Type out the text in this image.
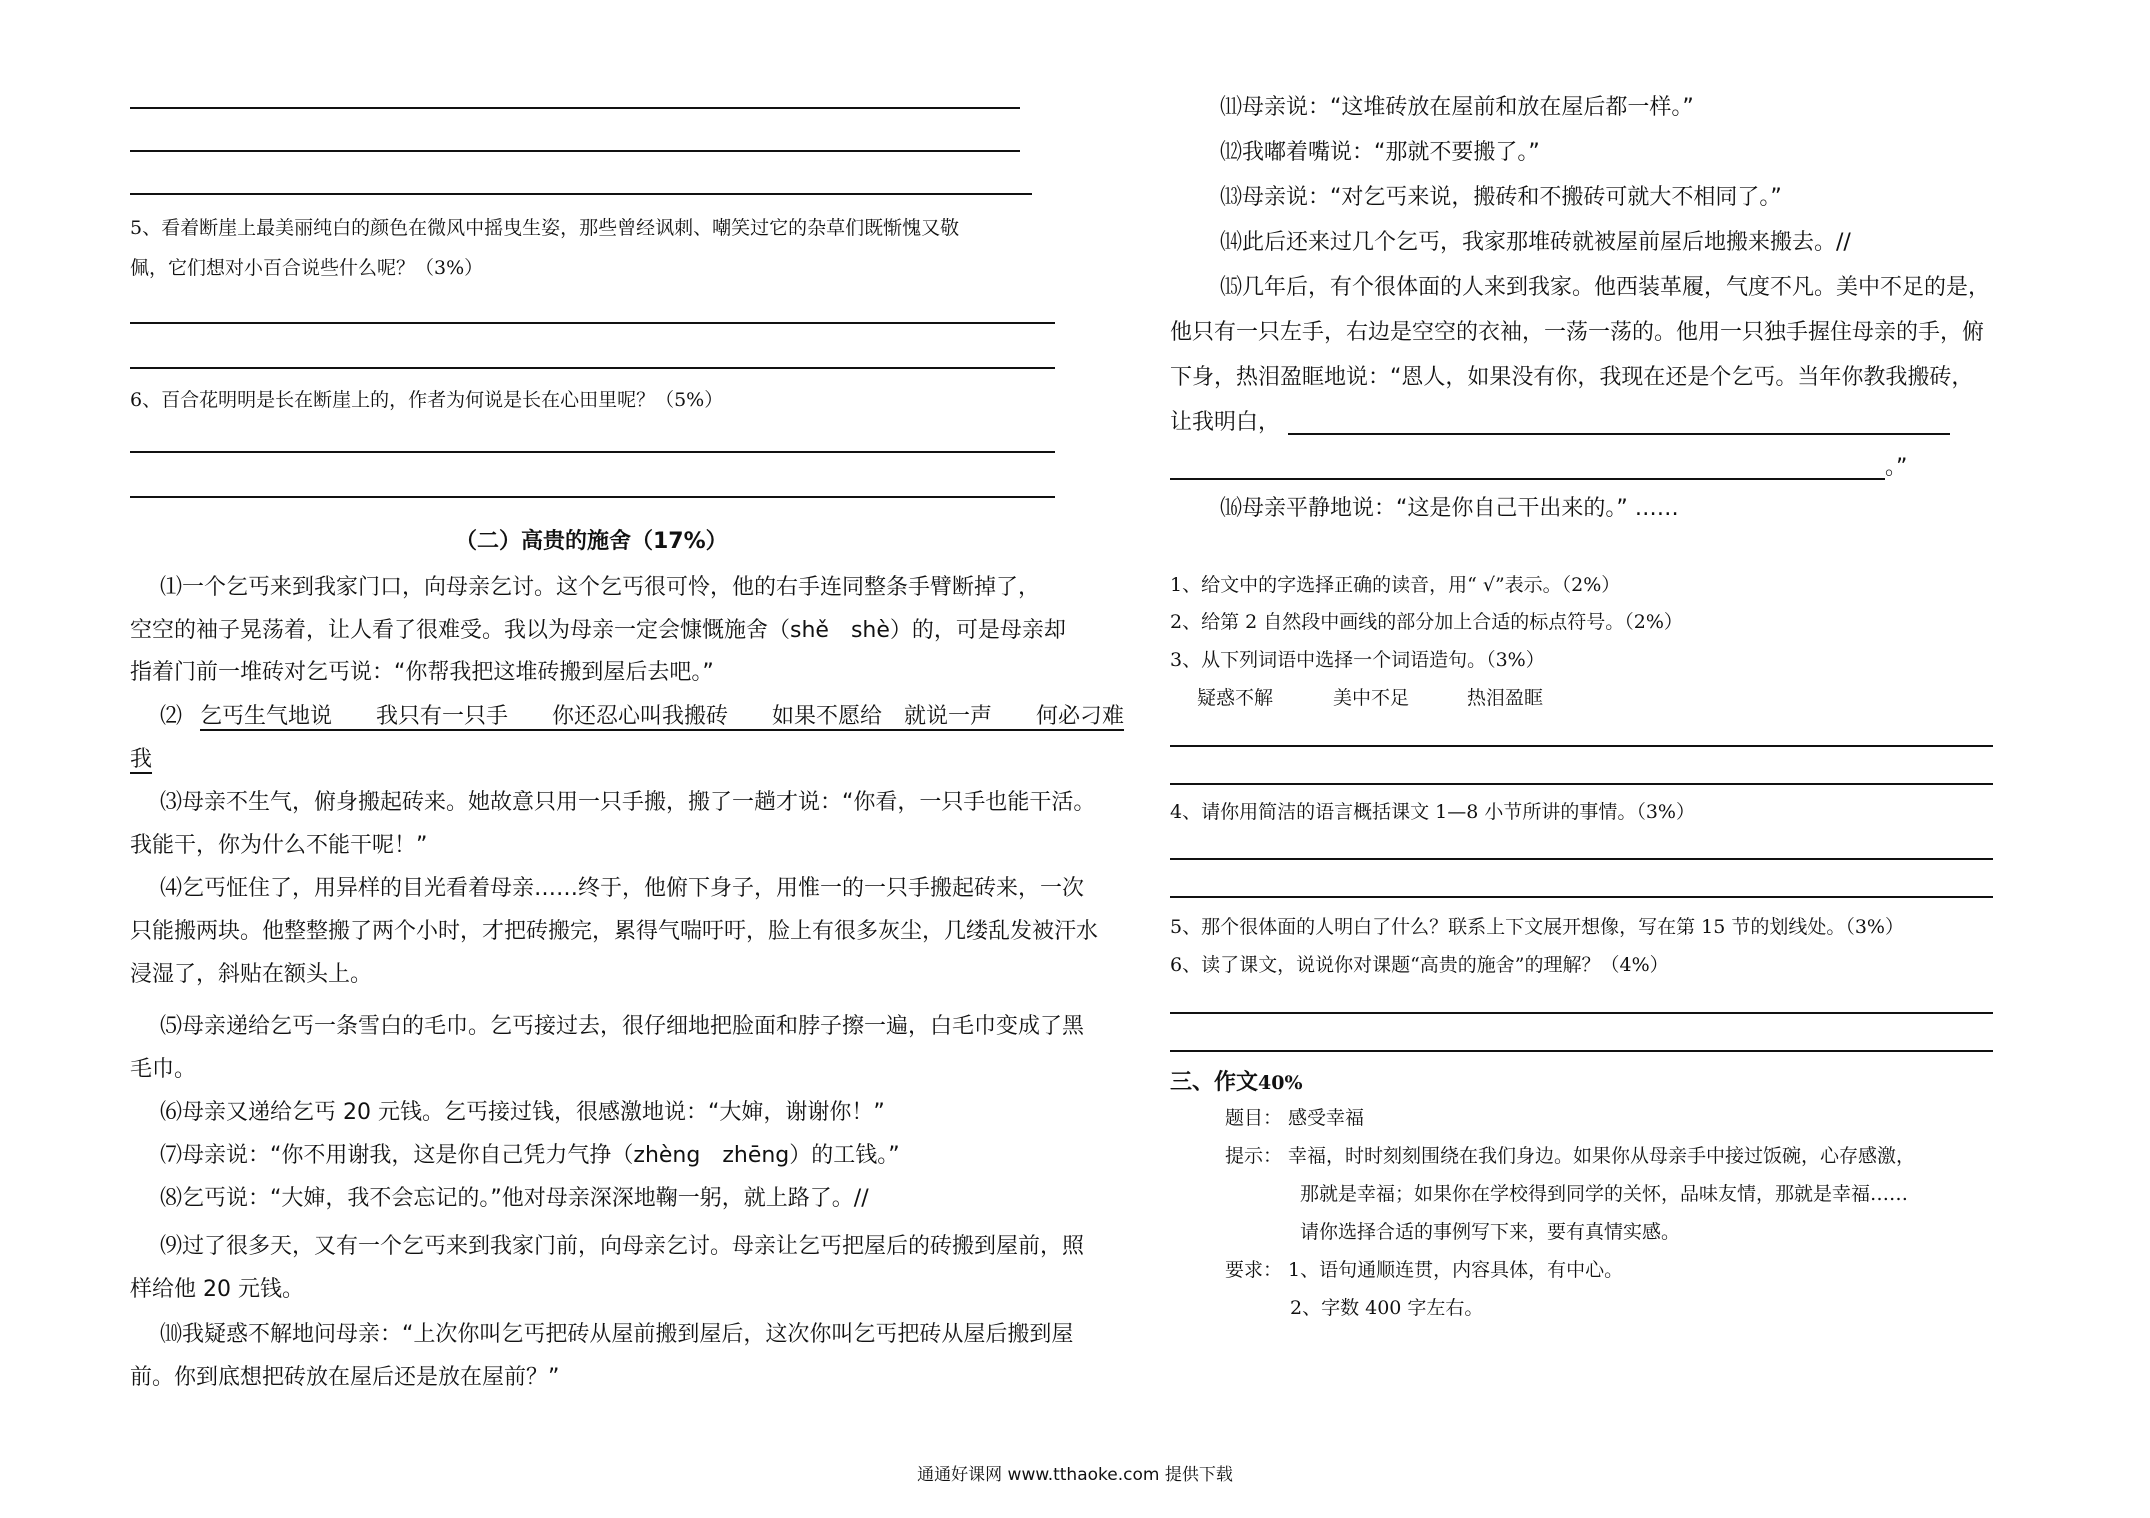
5、看着断崖上最美丽纯白的颜色在微风中摇曳生姿，那些曾经讽刺、嘲笑过它的杂草们既惭愧又敬
佩，它们想对小百合说些什么呢？（3%）
6、百合花明明是长在断崖上的，作者为何说是长在心田里呢？（5%）
（二）高贵的施舍（17%）
⑴一个乞丐来到我家门口，向母亲乞讨。这个乞丐很可怜，他的右手连同整条手臂断掉了，
空空的袖子晃荡着，让人看了很难受。我以为母亲一定会慷慨施舍（shě　shè）的，可是母亲却
指着门前一堆砖对乞丐说：“你帮我把这堆砖搬到屋后去吧。”
⑵ 乞丐生气地说　　我只有一只手　　你还忍心叫我搬砖　　如果不愿给　就说一声　　何必刁难
我
⑶母亲不生气，俯身搬起砖来。她故意只用一只手搬，搬了一趟才说：“你看，一只手也能干活。
我能干，你为什么不能干呢！”
⑷乞丐怔住了，用异样的目光看着母亲……终于，他俯下身子，用惟一的一只手搬起砖来，一次
只能搬两块。他整整搬了两个小时，才把砖搬完，累得气喘吁吁，脸上有很多灰尘，几缕乱发被汗水
浸湿了，斜贴在额头上。
⑸母亲递给乞丐一条雪白的毛巾。乞丐接过去，很仔细地把脸面和脖子擦一遍，白毛巾变成了黑
毛巾。
⑹母亲又递给乞丐 20 元钱。乞丐接过钱，很感激地说：“大婶，谢谢你！”
⑺母亲说：“你不用谢我，这是你自己凭力气挣（zhèng　zhēng）的工钱。”
⑻乞丐说：“大婶，我不会忘记的。”他对母亲深深地鞠一躬，就上路了。//
⑼过了很多天，又有一个乞丐来到我家门前，向母亲乞讨。母亲让乞丐把屋后的砖搬到屋前，照
样给他 20 元钱。
⑽我疑惑不解地问母亲：“上次你叫乞丐把砖从屋前搬到屋后，这次你叫乞丐把砖从屋后搬到屋
前。你到底想把砖放在屋后还是放在屋前？”
⑾母亲说：“这堆砖放在屋前和放在屋后都一样。”
⑿我嘟着嘴说：“那就不要搬了。”
⒀母亲说：“对乞丐来说，搬砖和不搬砖可就大不相同了。”
⒁此后还来过几个乞丐，我家那堆砖就被屋前屋后地搬来搬去。//
⒂几年后，有个很体面的人来到我家。他西装革履，气度不凡。美中不足的是，
他只有一只左手，右边是空空的衣袖，一荡一荡的。他用一只独手握住母亲的手，俯
下身，热泪盈眶地说：“恩人，如果没有你，我现在还是个乞丐。当年你教我搬砖，
让我明白，
。”
⒃母亲平静地说：“这是你自己干出来的。” ……
1、给文中的字选择正确的读音，用“ √”表示。（2%）
2、给第 2 自然段中画线的部分加上合适的标点符号。（2%）
3、从下列词语中选择一个词语造句。（3%）
疑惑不解	美中不足	热泪盈眶
4、请你用简洁的语言概括课文 1—8 小节所讲的事情。（3%）
5、那个很体面的人明白了什么？联系上下文展开想像，写在第 15 节的划线处。（3%）
6、读了课文，说说你对课题“高贵的施舍”的理解？（4%）
三、作文 40%
题目： 感受幸福
提示： 幸福，时时刻刻围绕在我们身边。如果你从母亲手中接过饭碗，心存感激，
那就是幸福；如果你在学校得到同学的关怀，品味友情，那就是幸福……
请你选择合适的事例写下来，要有真情实感。
要求： 1、语句通顺连贯，内容具体，有中心。
2、字数 400 字左右。
通通好课网 www.tthaoke.com 提供下载
